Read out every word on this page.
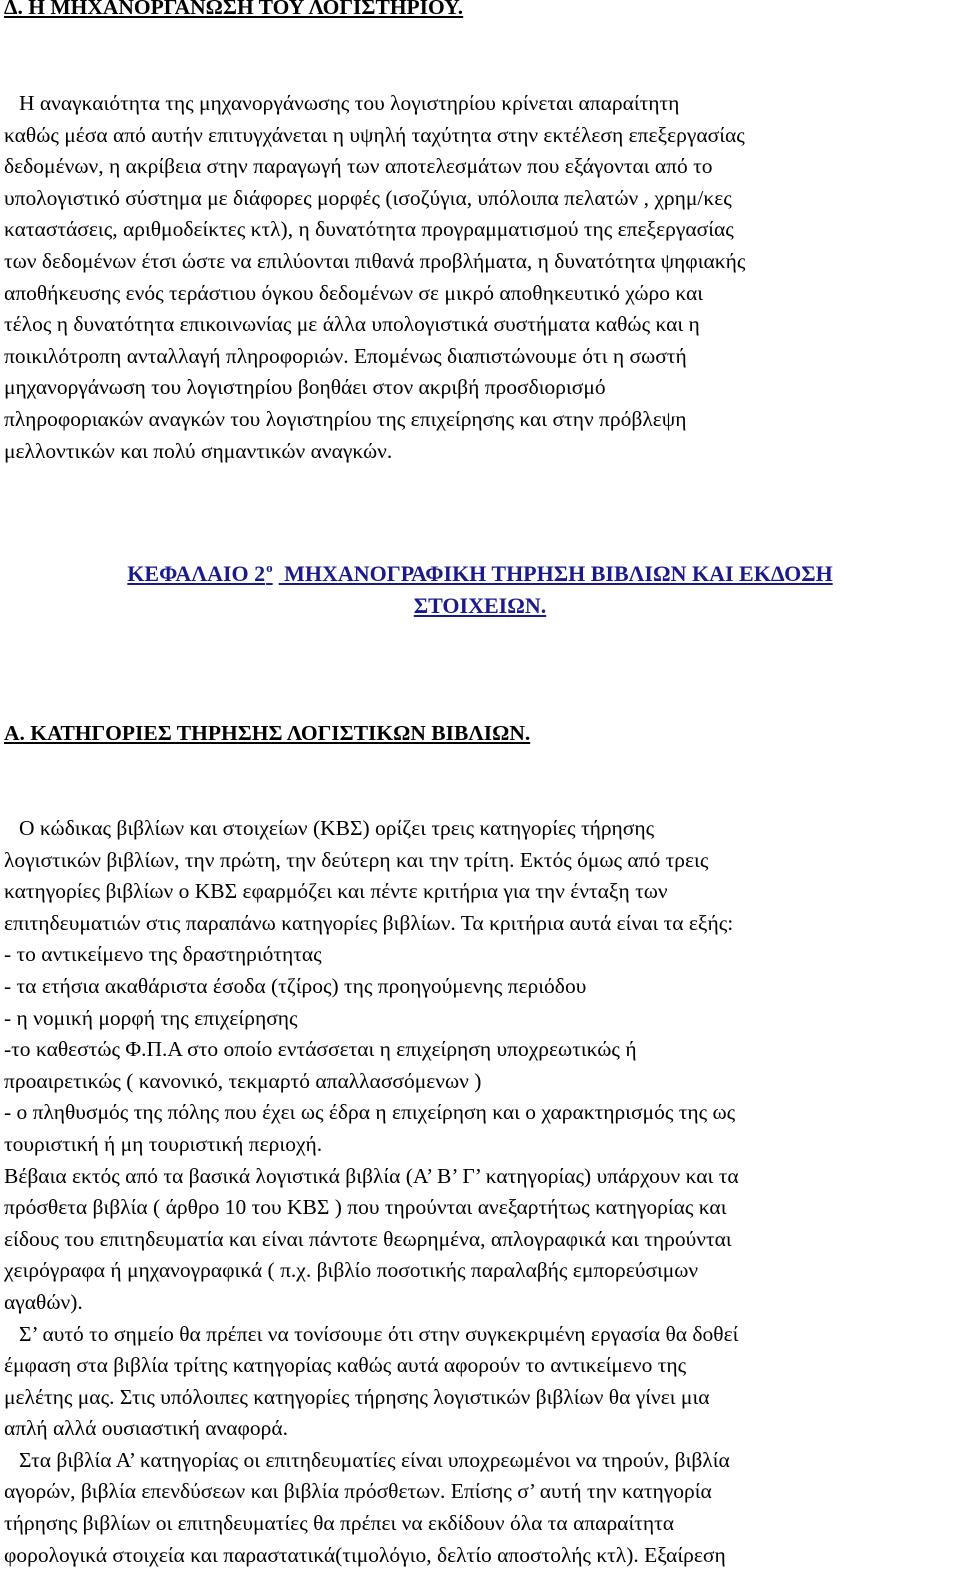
Δ. Η ΜΗΧΑΝΟΡΓΑΝΩΣΗ ΤΟΥ ΛΟΓΙΣΤΗΡΙΟΥ.
Η αναγκαιότητα της μηχανοργάνωσης του λογιστηρίου κρίνεται απαραίτητη
καθώς μέσα από αυτήν επιτυγχάνεται η υψηλή ταχύτητα στην εκτέλεση επεξεργασίας
δεδομένων, η ακρίβεια στην παραγωγή των αποτελεσμάτων που εξάγονται από το
υπολογιστικό σύστημα με διάφορες μορφές (ισοζύγια, υπόλοιπα πελατών , χρημ/κες
καταστάσεις, αριθμοδείκτες κτλ), η δυνατότητα προγραμματισμού της επεξεργασίας
των δεδομένων έτσι ώστε να επιλύονται πιθανά προβλήματα, η δυνατότητα ψηφιακής
αποθήκευσης ενός τεράστιου όγκου δεδομένων σε μικρό αποθηκευτικό χώρο και
τέλος η δυνατότητα επικοινωνίας με άλλα υπολογιστικά συστήματα καθώς και η
ποικιλότροπη ανταλλαγή πληροφοριών. Επομένως διαπιστώνουμε ότι η σωστή
μηχανοργάνωση του λογιστηρίου βοηθάει στον ακριβή προσδιορισμό
πληροφοριακών αναγκών του λογιστηρίου της επιχείρησης και στην πρόβλεψη
μελλοντικών και πολύ σημαντικών αναγκών.
ΚΕΦΑΛΑΙΟ $2^o$ ΜΗΧΑΝΟΓΡΑΦΙΚΗ ΤΗΡΗΣΗ ΒΙΒΛΙΩΝ ΚΑΙ ΕΚΔΟΣΗ
ΣΤΟΙΧΕΙΩΝ.
Α. ΚΑΤΗΓΟΡΙΕΣ ΤΗΡΗΣΗΣ ΛΟΓΙΣΤΙΚΩΝ ΒΙΒΛΙΩΝ.
Ο κώδικας βιβλίων και στοιχείων (ΚΒΣ) ορίζει τρεις κατηγορίες τήρησης
λογιστικών βιβλίων, την πρώτη, την δεύτερη και την τρίτη. Εκτός όμως από τρεις
κατηγορίες βιβλίων ο ΚΒΣ εφαρμόζει και πέντε κριτήρια για την ένταξη των
επιτηδευματιών στις παραπάνω κατηγορίες βιβλίων. Τα κριτήρια αυτά είναι τα εξής:
- το αντικείμενο της δραστηριότητας
- τα ετήσια ακαθάριστα έσοδα (τζίρος) της προηγούμενης περιόδου
- η νομική μορφή της επιχείρησης
-το καθεστώς Φ.Π.Α στο οποίο εντάσσεται η επιχείρηση υποχρεωτικώς ή
προαιρετικώς ( κανονικό, τεκμαρτό απαλλασσόμενων )
- ο πληθυσμός της πόλης που έχει ως έδρα η επιχείρηση και ο χαρακτηρισμός της ως
τουριστική ή μη τουριστική περιοχή.
Βέβαια εκτός από τα βασικά λογιστικά βιβλία (Α’ Β’ Γ’ κατηγορίας) υπάρχουν και τα
πρόσθετα βιβλία ( άρθρο 10 του ΚΒΣ ) που τηρούνται ανεξαρτήτως κατηγορίας και
είδους του επιτηδευματία και είναι πάντοτε θεωρημένα, απλογραφικά και τηρούνται
χειρόγραφα ή μηχανογραφικά ( π.χ. βιβλίο ποσοτικής παραλαβής εμπορεύσιμων
αγαθών).
Σ’ αυτό το σημείο θα πρέπει να τονίσουμε ότι στην συγκεκριμένη εργασία θα δοθεί
έμφαση στα βιβλία τρίτης κατηγορίας καθώς αυτά αφορούν το αντικείμενο της
μελέτης μας. Στις υπόλοιπες κατηγορίες τήρησης λογιστικών βιβλίων θα γίνει μια
απλή αλλά ουσιαστική αναφορά.
Στα βιβλία Α’ κατηγορίας οι επιτηδευματίες είναι υποχρεωμένοι να τηρούν, βιβλία
αγορών, βιβλία επενδύσεων και βιβλία πρόσθετων. Επίσης σ’ αυτή την κατηγορία
τήρησης βιβλίων οι επιτηδευματίες θα πρέπει να εκδίδουν όλα τα απαραίτητα
φορολογικά στοιχεία και παραστατικά(τιμολόγιο, δελτίο αποστολής κτλ). Εξαίρεση
